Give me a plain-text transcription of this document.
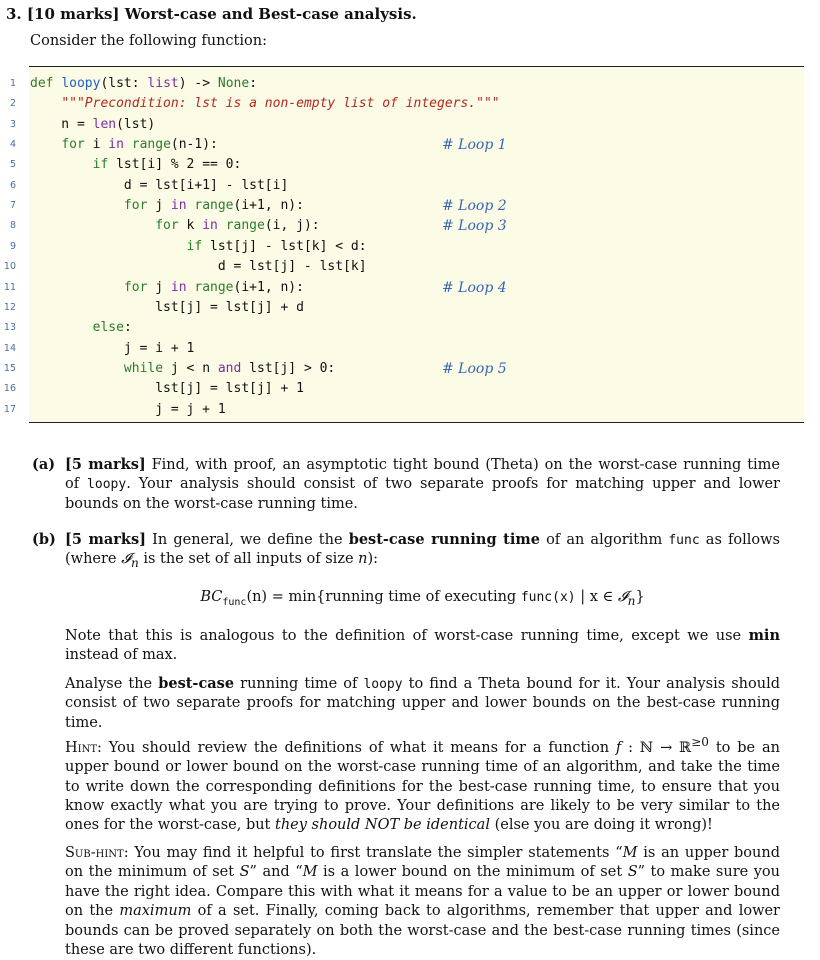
3. [10 marks] Worst-case and Best-case analysis.
Consider the following function:
1 def loopy(lst: list) -> None:
2	"""Precondition: lst is a non-empty list of integers."""
3 n = len(lst)
4	for i in range(n-1):	# Loop 1
5	if lst[i] % 2 == 0:
6 d = lst[i+1] - lst[i]
7	for j in range(i+1, n):	# Loop 2
8	for k in range(i, j):	# Loop 3
9	if lst[j] - lst[k] < d:
10 d = lst[j] - lst[k]
11	for j in range(i+1, n):	# Loop 4
12 lst[j] = lst[j] + d
13	else:
14 j = i + 1
15	while j < n and lst[j] > 0:	# Loop 5
16 lst[j] = lst[j] + 1
17 j = j + 1
(a) [5 marks] Find, with proof, an asymptotic tight bound (Theta) on the worst-case running time of loopy. Your analysis should consist of two separate proofs for matching upper and lower bounds on the worst-case running time.
(b) [5 marks] In general, we define the best-case running time of an algorithm func as follows (where 𝓘$_n$ is the set of all inputs of size n):
$BC_{func}(n)$ = min{running time of executing func(x) | x ∈ 𝓘$_n$}
Note that this is analogous to the definition of worst-case running time, except we use min instead of max.
Analyse the best-case running time of loopy to find a Theta bound for it. Your analysis should consist of two separate proofs for matching upper and lower bounds on the best-case running time.
Hint: You should review the definitions of what it means for a function f : ℕ → ℝ$^{\ge 0}$ to be an upper bound or lower bound on the worst-case running time of an algorithm, and take the time to write down the corresponding definitions for the best-case running time, to ensure that you know exactly what you are trying to prove. Your definitions are likely to be very similar to the ones for the worst-case, but they should NOT be identical (else you are doing it wrong)!
Sub-hint: You may find it helpful to first translate the simpler statements “M is an upper bound on the minimum of set S” and “M is a lower bound on the minimum of set S” to make sure you have the right idea. Compare this with what it means for a value to be an upper or lower bound on the maximum of a set. Finally, coming back to algorithms, remember that upper and lower bounds can be proved separately on both the worst-case and the best-case running times (since these are two different functions).
